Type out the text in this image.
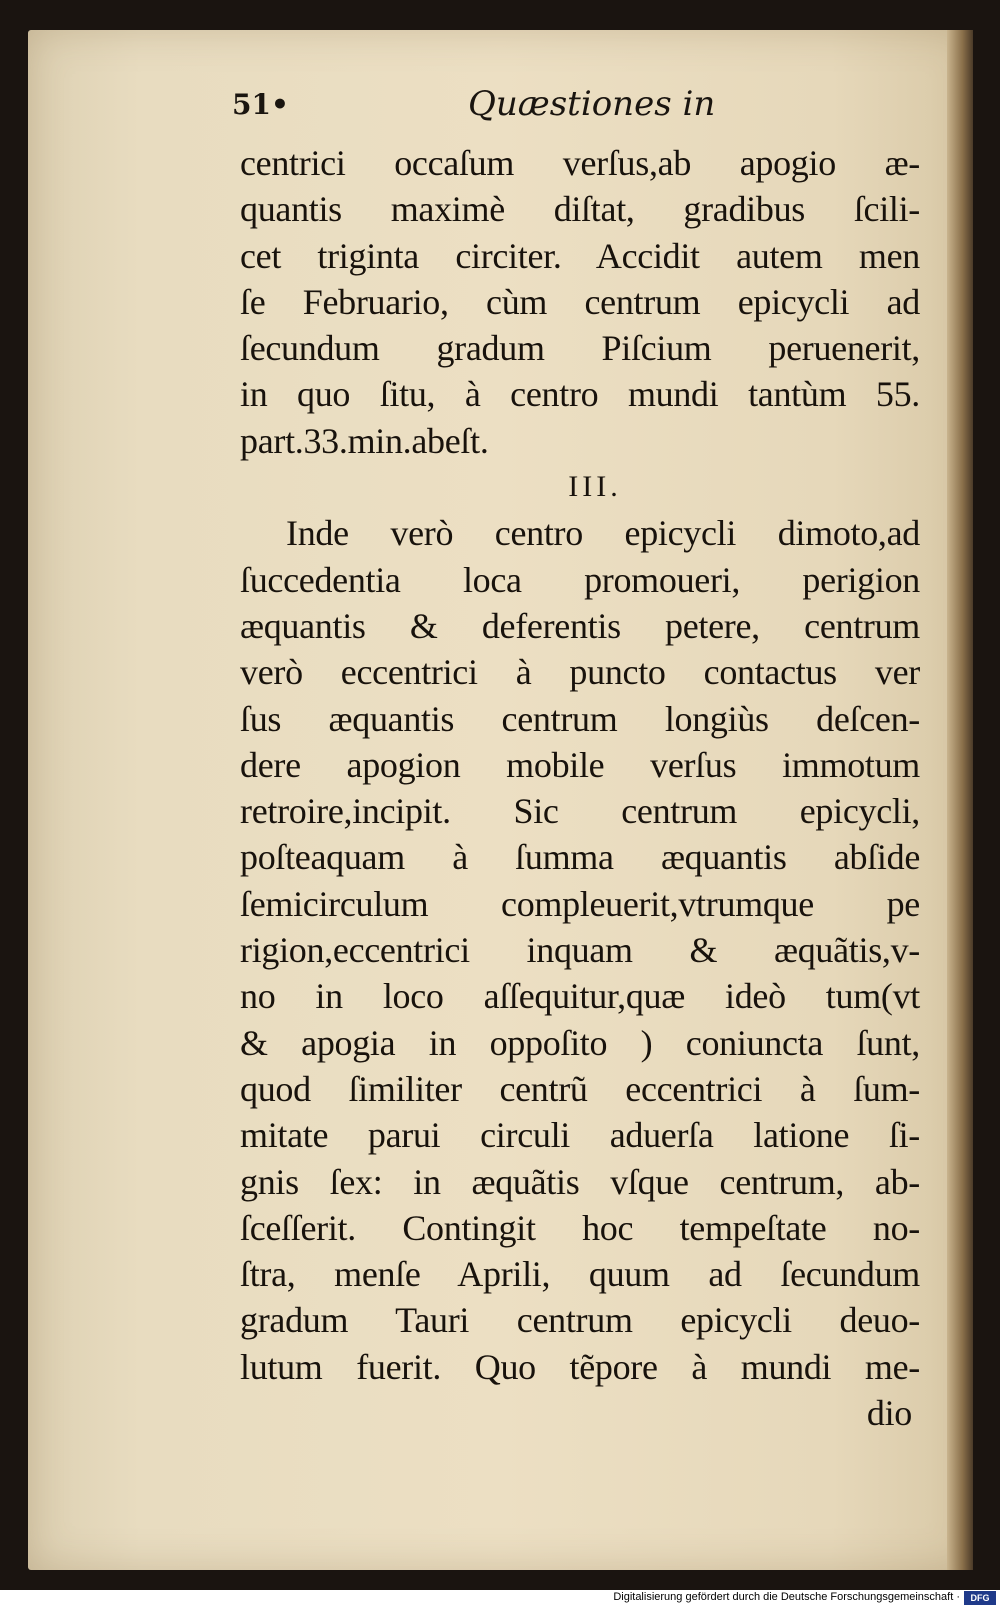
51•	Quæstiones in
centrici occaſum verſus,ab apogio æ-
quantis maximè diſtat, gradibus ſcili-
cet triginta circiter. Accidit autem men
ſe Februario, cùm centrum epicycli ad
ſecundum gradum Piſcium peruenerit,
in quo ſitu, à centro mundi tantùm 55.
part.33.min.abeſt.
III.
Inde verò centro epicycli dimoto,ad
ſuccedentia loca promoueri, perigion
æquantis & deferentis petere, centrum
verò eccentrici à puncto contactus ver
ſus æquantis centrum longiùs deſcen-
dere apogion mobile verſus immotum
retroire,incipit. Sic centrum epicycli,
poſteaquam à ſumma æquantis abſide
ſemicirculum compleuerit,vtrumque pe
rigion,eccentrici inquam & æquãtis,v-
no in loco aſſequitur,quæ ideò tum(vt
& apogia in oppoſito ) coniuncta ſunt,
quod ſimiliter centrũ eccentrici à ſum-
mitate parui circuli aduerſa latione ſi-
gnis ſex: in æquãtis vſque centrum, ab-
ſceſſerit. Contingit hoc tempeſtate no-
ſtra, menſe Aprili, quum ad ſecundum
gradum Tauri centrum epicycli deuo-
lutum fuerit. Quo tẽpore à mundi me-
dio
Digitalisierung gefördert durch die Deutsche Forschungsgemeinschaft ·	DFG
